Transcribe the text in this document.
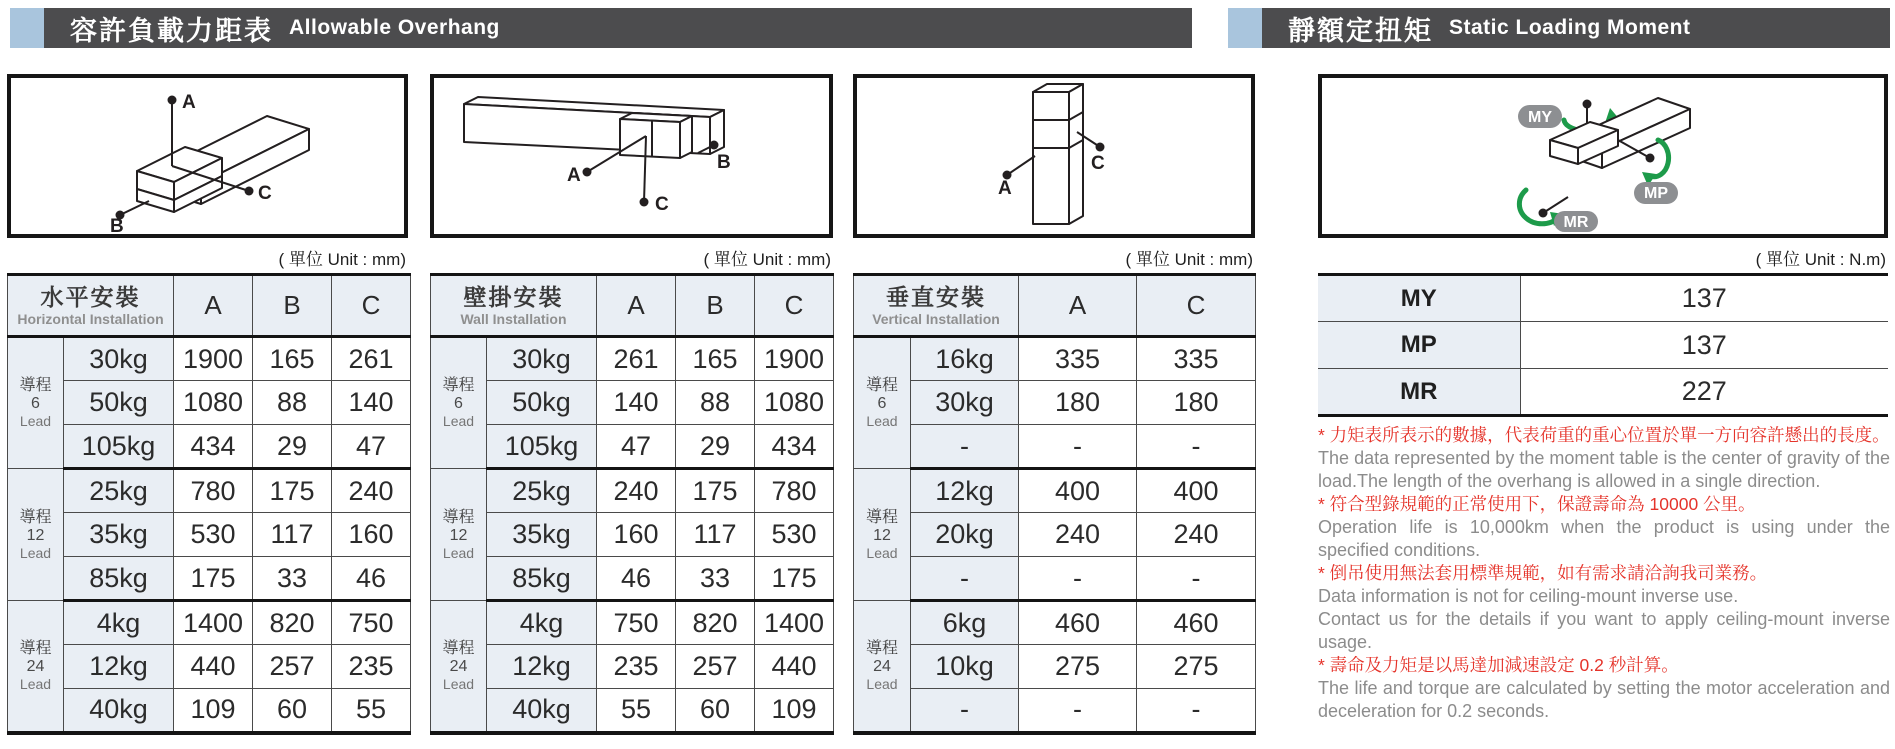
容許負載力距表 Allowable Overhang	靜額定扭矩 Static Loading Moment
A
C
B
B
A
C
A
C
MY
MP
MR
( 單位 Unit : mm)	( 單位 Unit : mm)	( 單位 Unit : mm)	( 單位 Unit : N.m)
水平安裝
Horizontal Installation		A	B	C

導程
6
Lead	30kg	1900	165	261
	50kg	1080	88	140
	105kg	434	29	47

導程
12
Lead	25kg	780	175	240
	35kg	530	117	160
	85kg	175	33	46

導程
24
Lead	4kg	1400	820	750
	12kg	440	257	235
	40kg	109	60	55
壁掛安裝
Wall Installation		A	B	C

導程
6
Lead	30kg	261	165	1900
	50kg	140	88	1080
	105kg	47	29	434

導程
12
Lead	25kg	240	175	780
	35kg	160	117	530
	85kg	46	33	175

導程
24
Lead	4kg	750	820	1400
	12kg	235	257	440
	40kg	55	60	109
垂直安裝
Vertical Installation		A	C

導程
6
Lead	16kg	335	335
	30kg	180	180
	-	-	-

導程
12
Lead	12kg	400	400
	20kg	240	240
	-	-	-

導程
24
Lead	6kg	460	460
	10kg	275	275
	-	-	-
MY	137
MP	137
MR	227
* 力矩表所表示的數據，代表荷重的重心位置於單一方向容許懸出的長度。
The data represented by the moment table is the center of gravity of the load.The length of the overhang is allowed in a single direction.
* 符合型錄規範的正常使用下，保證壽命為 10000 公里。
Operation life is 10,000km when the product is using under the specified conditions.
* 倒吊使用無法套用標準規範，如有需求請洽詢我司業務。
Data information is not for ceiling-mount inverse use.
Contact us for the details if you want to apply ceiling-mount inverse usage.
* 壽命及力矩是以馬達加減速設定 0.2 秒計算。
The life and torque are calculated by setting the motor acceleration and deceleration for 0.2 seconds.
